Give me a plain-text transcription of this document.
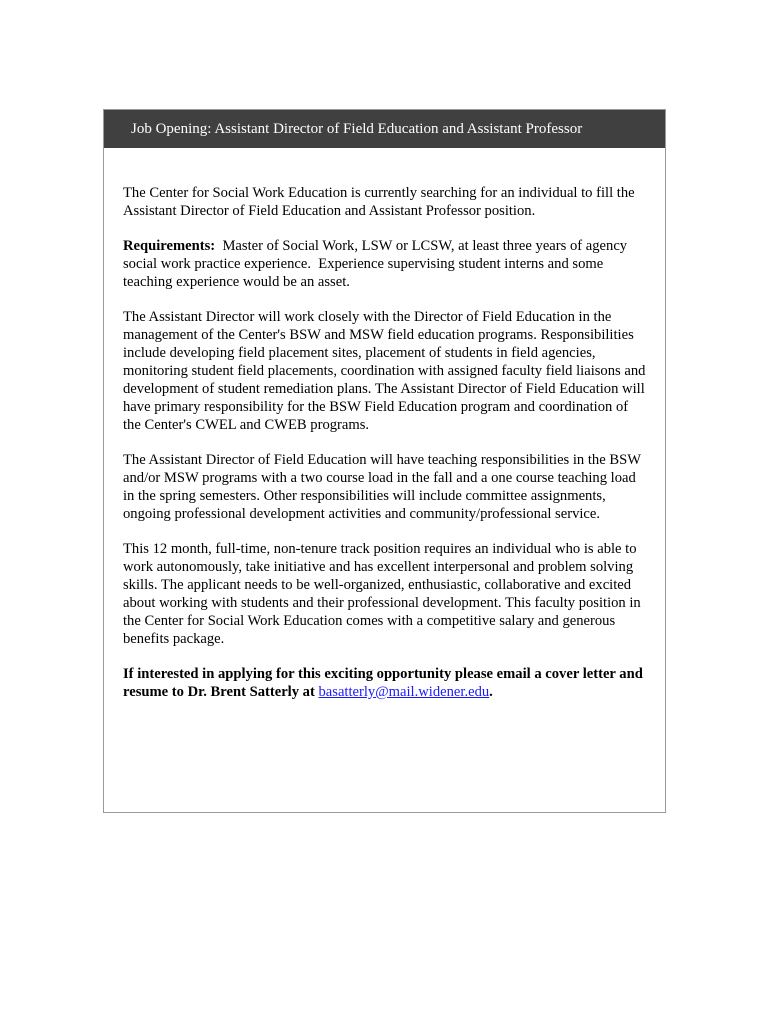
Job Opening: Assistant Director of Field Education and Assistant Professor

The Center for Social Work Education is currently searching for an individual to fill the Assistant Director of Field Education and Assistant Professor position.

Requirements:  Master of Social Work, LSW or LCSW, at least three years of agency social work practice experience.  Experience supervising student interns and some teaching experience would be an asset.

The Assistant Director will work closely with the Director of Field Education in the management of the Center's BSW and MSW field education programs. Responsibilities include developing field placement sites, placement of students in field agencies, monitoring student field placements, coordination with assigned faculty field liaisons and development of student remediation plans. The Assistant Director of Field Education will have primary responsibility for the BSW Field Education program and coordination of the Center's CWEL and CWEB programs.

The Assistant Director of Field Education will have teaching responsibilities in the BSW and/or MSW programs with a two course load in the fall and a one course teaching load in the spring semesters. Other responsibilities will include committee assignments, ongoing professional development activities and community/professional service.

This 12 month, full-time, non-tenure track position requires an individual who is able to work autonomously, take initiative and has excellent interpersonal and problem solving skills. The applicant needs to be well-organized, enthusiastic, collaborative and excited about working with students and their professional development. This faculty position in the Center for Social Work Education comes with a competitive salary and generous benefits package.

If interested in applying for this exciting opportunity please email a cover letter and resume to Dr. Brent Satterly at basatterly@mail.widener.edu.
